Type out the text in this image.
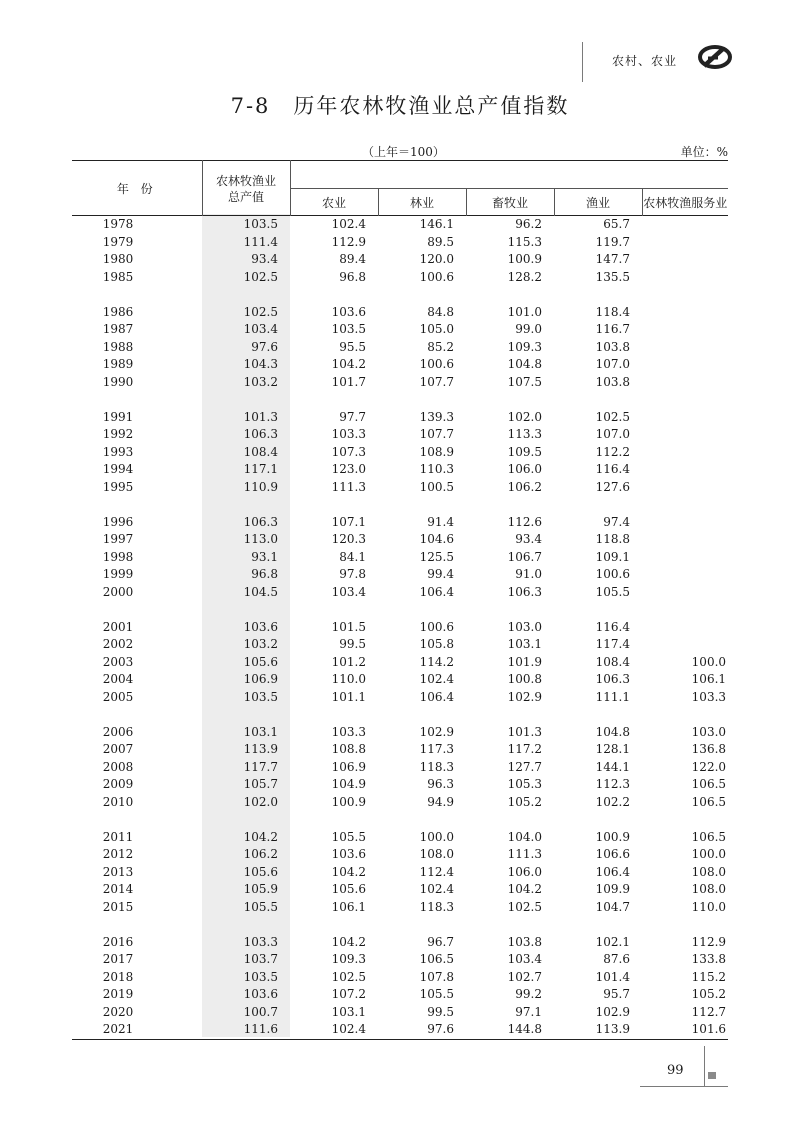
农村、农业
7-8　历年农林牧渔业总产值指数
（上年＝100）	单位：%
年 份	农林牧渔业
总产值					

		农业	林业	畜牧业	渔业	农林牧渔服务业
1978	103.5	102.4	146.1	96.2	65.7	
1979	111.4	112.9	89.5	115.3	119.7	
1980	93.4	89.4	120.0	100.9	147.7	
1985	102.5	96.8	100.6	128.2	135.5	

1986	102.5	103.6	84.8	101.0	118.4	
1987	103.4	103.5	105.0	99.0	116.7	
1988	97.6	95.5	85.2	109.3	103.8	
1989	104.3	104.2	100.6	104.8	107.0	
1990	103.2	101.7	107.7	107.5	103.8	

1991	101.3	97.7	139.3	102.0	102.5	
1992	106.3	103.3	107.7	113.3	107.0	
1993	108.4	107.3	108.9	109.5	112.2	
1994	117.1	123.0	110.3	106.0	116.4	
1995	110.9	111.3	100.5	106.2	127.6	

1996	106.3	107.1	91.4	112.6	97.4	
1997	113.0	120.3	104.6	93.4	118.8	
1998	93.1	84.1	125.5	106.7	109.1	
1999	96.8	97.8	99.4	91.0	100.6	
2000	104.5	103.4	106.4	106.3	105.5	

2001	103.6	101.5	100.6	103.0	116.4	
2002	103.2	99.5	105.8	103.1	117.4	
2003	105.6	101.2	114.2	101.9	108.4	100.0
2004	106.9	110.0	102.4	100.8	106.3	106.1
2005	103.5	101.1	106.4	102.9	111.1	103.3

2006	103.1	103.3	102.9	101.3	104.8	103.0
2007	113.9	108.8	117.3	117.2	128.1	136.8
2008	117.7	106.9	118.3	127.7	144.1	122.0
2009	105.7	104.9	96.3	105.3	112.3	106.5
2010	102.0	100.9	94.9	105.2	102.2	106.5

2011	104.2	105.5	100.0	104.0	100.9	106.5
2012	106.2	103.6	108.0	111.3	106.6	100.0
2013	105.6	104.2	112.4	106.0	106.4	108.0
2014	105.9	105.6	102.4	104.2	109.9	108.0
2015	105.5	106.1	118.3	102.5	104.7	110.0

2016	103.3	104.2	96.7	103.8	102.1	112.9
2017	103.7	109.3	106.5	103.4	87.6	133.8
2018	103.5	102.5	107.8	102.7	101.4	115.2
2019	103.6	107.2	105.5	99.2	95.7	105.2
2020	100.7	103.1	99.5	97.1	102.9	112.7
2021	111.6	102.4	97.6	144.8	113.9	101.6
99
